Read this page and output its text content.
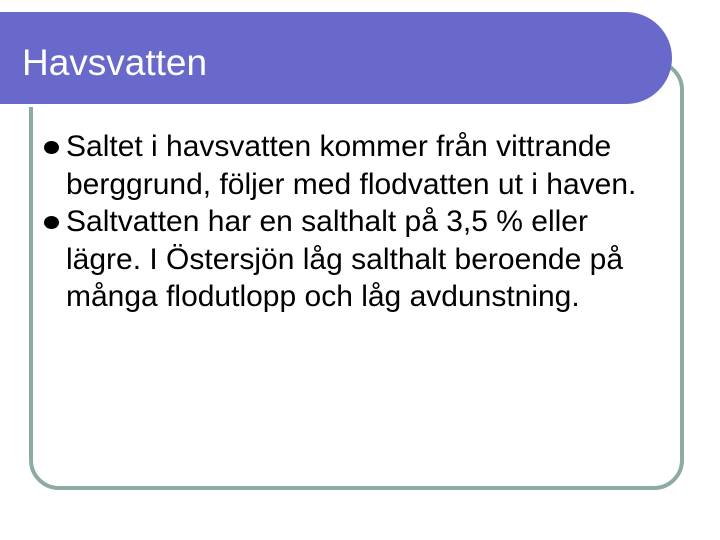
Havsvatten
Saltet i havsvatten kommer från vittrande berggrund, följer med flodvatten ut i haven.
Saltvatten har en salthalt på 3,5 % eller lägre. I Östersjön låg salthalt beroende på många flodutlopp och låg avdunstning.
